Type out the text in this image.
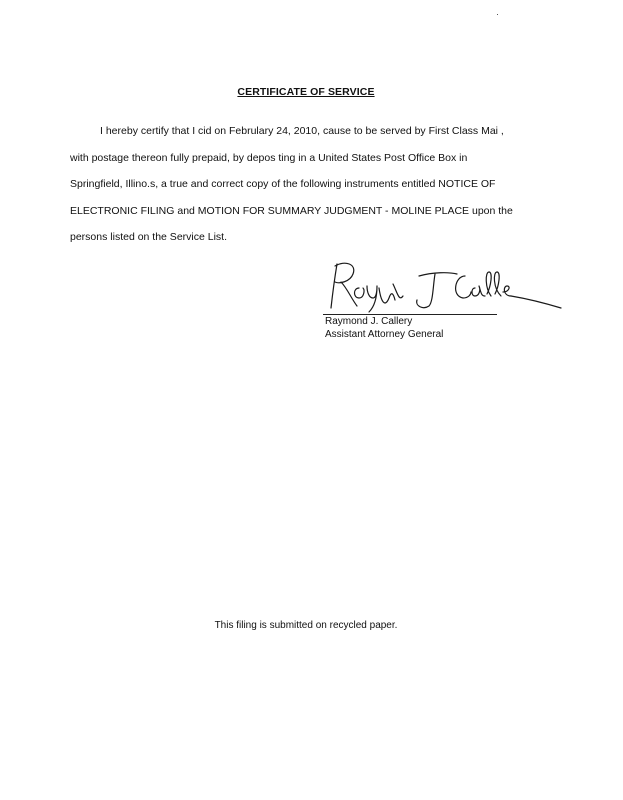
CERTIFICATE OF SERVICE
I hereby certify that I cid on Februlary 24, 2010, cause to be served by First Class Mai ,
with postage thereon fully prepaid, by depos ting in a United States Post Office Box in
Springfield, Illino.s, a true and correct copy of the following instruments entitled NOTICE OF
ELECTRONIC FILING and MOTION FOR SUMMARY JUDGMENT - MOLINE PLACE upon the
persons listed on the Service List.
Raymond J. Callery
Assistant Attorney General
This filing is submitted on recycled paper.
